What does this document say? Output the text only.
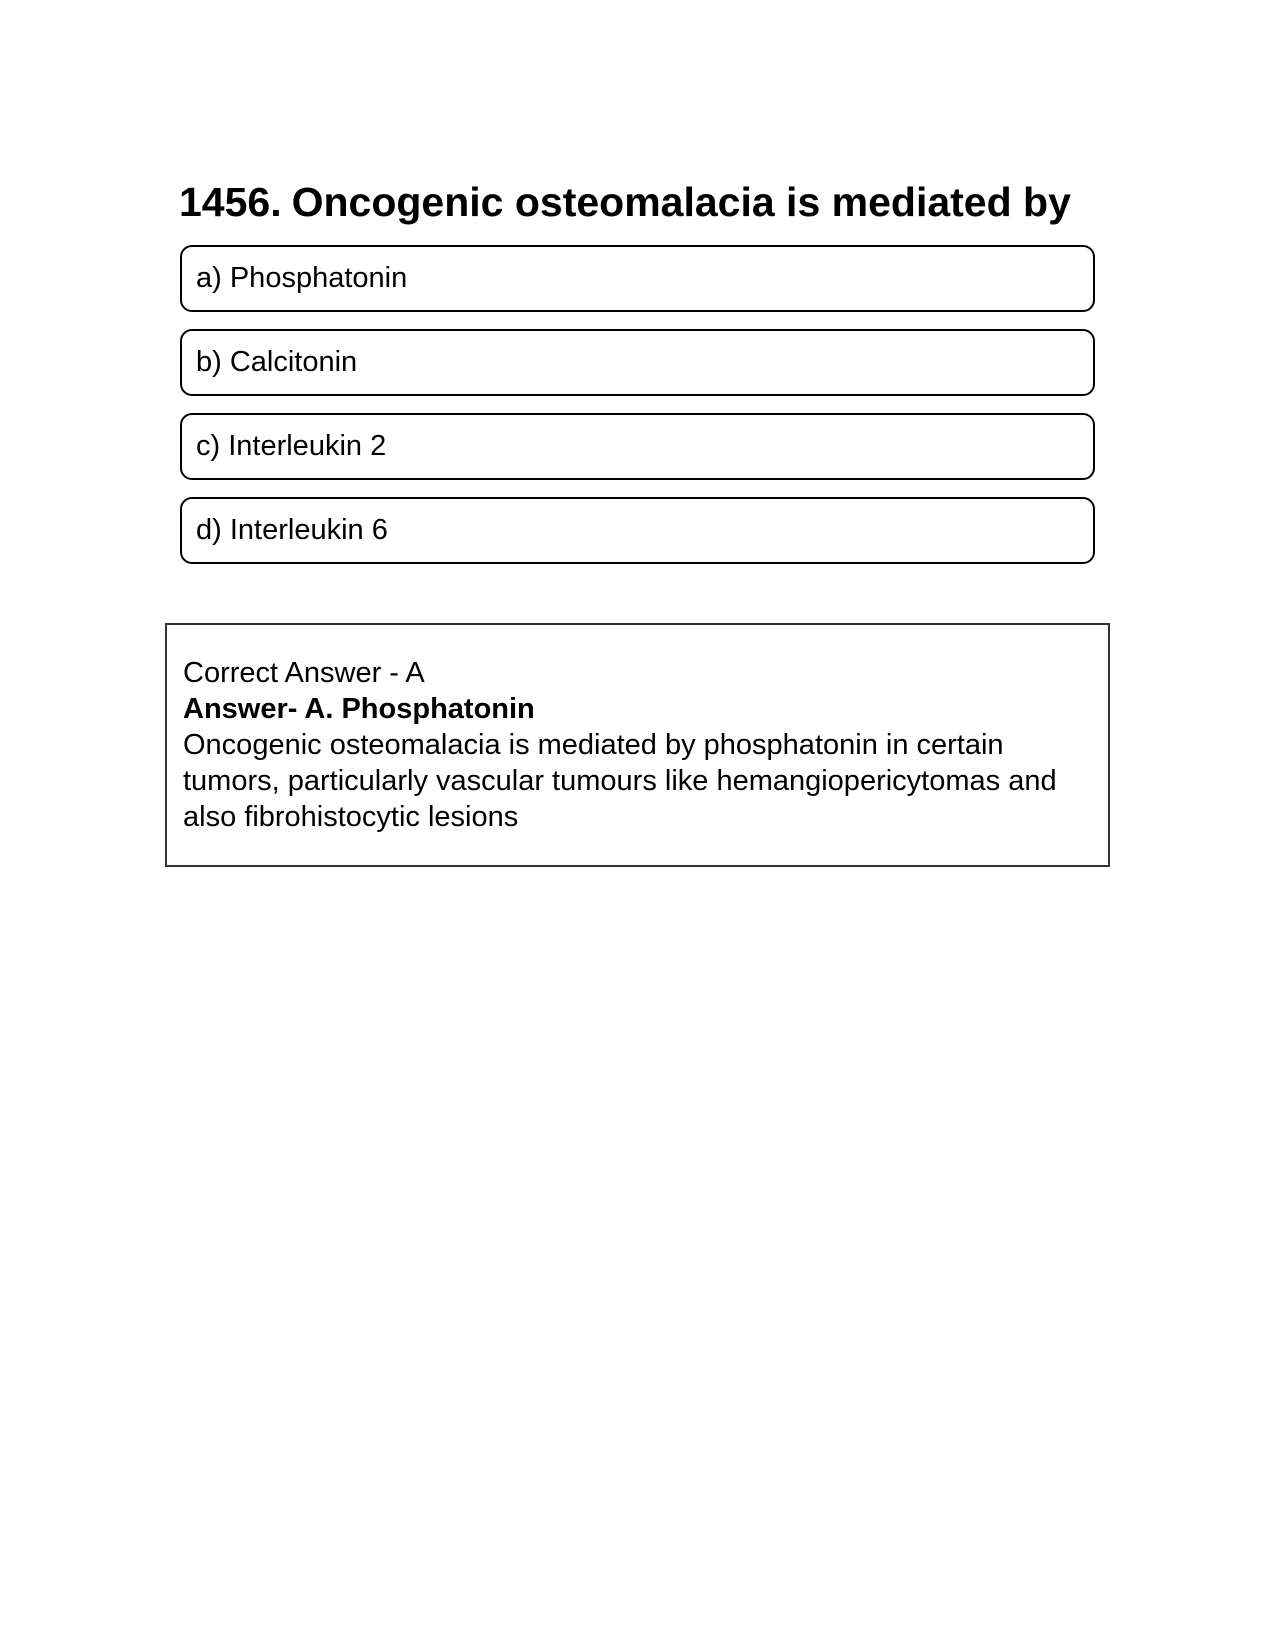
1456. Oncogenic osteomalacia is mediated by
a) Phosphatonin
b) Calcitonin
c) Interleukin 2
d) Interleukin 6

Correct Answer - A

Answer- A. Phosphatonin

Oncogenic osteomalacia is mediated by phosphatonin in certain tumors, particularly vascular tumours like hemangiopericytomas and also fibrohistocytic lesions
